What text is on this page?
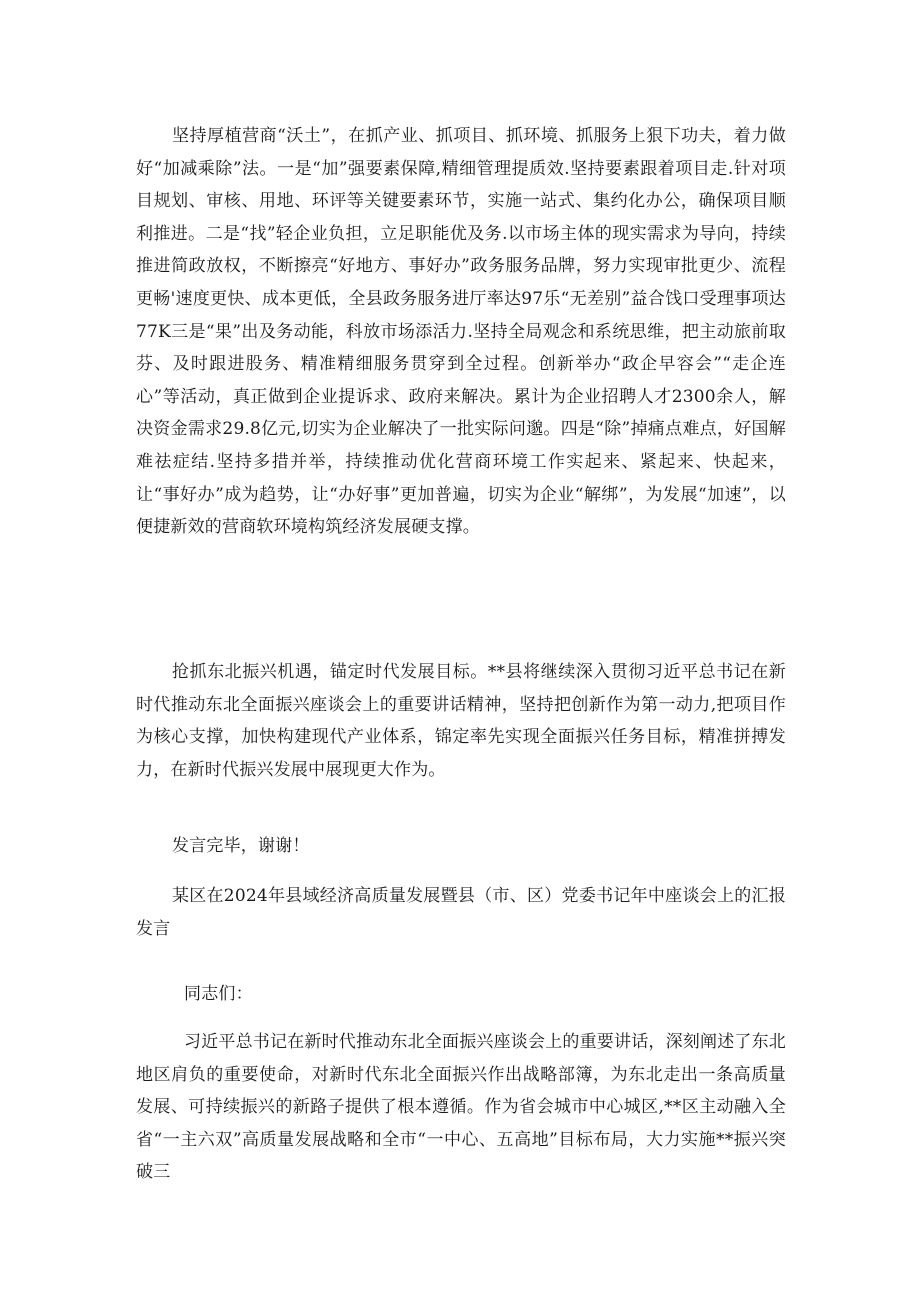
坚持厚植营商“沃土”，在抓产业、抓项目、抓环境、抓服务上狠下功夫，着力做好“加减乘除”法。一是“加”强要素保障,精细管理提质效.坚持要素跟着项目走.针对项目规划、审核、用地、环评等关键要素环节，实施一站式、集约化办公，确保项目顺利推进。二是“找”轻企业负担，立足职能优及务.以市场主体的现实需求为导向，持续推进简政放权，不断擦亮“好地方、事好办”政务服务品牌，努力实现审批更少、流程更畅'速度更快、成本更低，全县政务服务进厅率达97乐“无差别”益合饯口受理事项达77K三是“果”出及务动能，科放市场添活力.坚持全局观念和系统思维，把主动旅前取芬、及时跟进股务、精准精细服务贯穿到全过程。创新举办“政企早容会”“走企连心”等活动，真正做到企业提诉求、政府来解决。累计为企业招聘人才2300余人，解决资金需求29.8亿元,切实为企业解决了一批实际问邈。四是“除”掉痛点难点，好国解难祛症结.坚持多措并举，持续推动优化营商环境工作实起来、紧起来、快起来，让“事好办”成为趋势，让“办好事”更加普遍，切实为企业“解绑”，为发展“加速”，以便捷新效的营商软环境构筑经济发展硬支撑。

抢抓东北振兴机遇，锚定时代发展目标。**县将继续深入贯彻习近平总书记在新时代推动东北全面振兴座谈会上的重要讲话精神，坚持把创新作为第一动力,把项目作为核心支撑，加快构建现代产业体系，锦定率先实现全面振兴任务目标，精准拼搏发力，在新时代振兴发展中展现更大作为。

发言完毕，谢谢！

某区在2024年县域经济高质量发展暨县（市、区）党委书记年中座谈会上的汇报发言

同志们：

习近平总书记在新时代推动东北全面振兴座谈会上的重要讲话，深刻阐述了东北地区肩负的重要使命，对新时代东北全面振兴作出战略部簿，为东北走出一条高质量发展、可持续振兴的新路子提供了根本遵循。作为省会城市中心城区,**区主动融入全省“一主六双”高质量发展战略和全市“一中心、五高地”目标布局，大力实施**振兴突破三
